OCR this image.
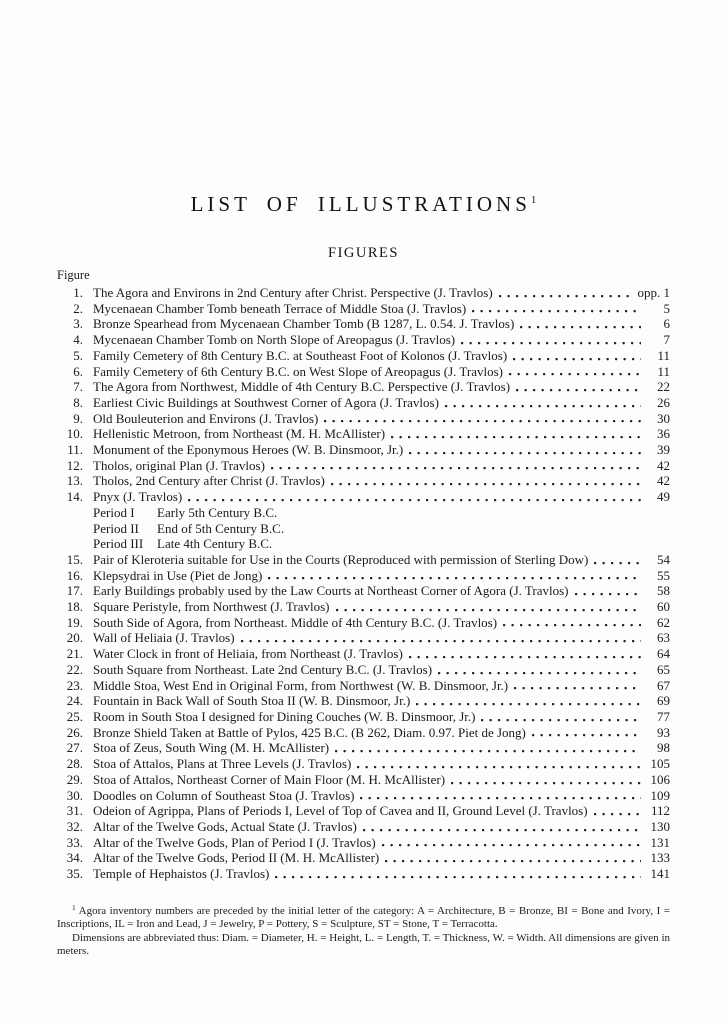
LIST OF ILLUSTRATIONS$^1$
FIGURES
Figure
1. The Agora and Environs in 2nd Century after Christ. Perspective (J. Travlos)	opp. 1
2. Mycenaean Chamber Tomb beneath Terrace of Middle Stoa (J. Travlos)	5
3. Bronze Spearhead from Mycenaean Chamber Tomb (B 1287, L. 0.54. J. Travlos)	6
4. Mycenaean Chamber Tomb on North Slope of Areopagus (J. Travlos)	7
5. Family Cemetery of 8th Century B.C. at Southeast Foot of Kolonos (J. Travlos)	11
6. Family Cemetery of 6th Century B.C. on West Slope of Areopagus (J. Travlos)	11
7. The Agora from Northwest, Middle of 4th Century B.C. Perspective (J. Travlos)	22
8. Earliest Civic Buildings at Southwest Corner of Agora (J. Travlos)	26
9. Old Bouleuterion and Environs (J. Travlos)	30
10. Hellenistic Metroon, from Northeast (M. H. McAllister)	36
11. Monument of the Eponymous Heroes (W. B. Dinsmoor, Jr.)	39
12. Tholos, original Plan (J. Travlos)	42
13. Tholos, 2nd Century after Christ (J. Travlos)	42
14. Pnyx (J. Travlos)	49
Period I Early 5th Century B.C.
Period II End of 5th Century B.C.
Period III Late 4th Century B.C.
15. Pair of Kleroteria suitable for Use in the Courts (Reproduced with permission of Sterling Dow)	54
16. Klepsydrai in Use (Piet de Jong)	55
17. Early Buildings probably used by the Law Courts at Northeast Corner of Agora (J. Travlos)	58
18. Square Peristyle, from Northwest (J. Travlos)	60
19. South Side of Agora, from Northeast. Middle of 4th Century B.C. (J. Travlos)	62
20. Wall of Heliaia (J. Travlos)	63
21. Water Clock in front of Heliaia, from Northeast (J. Travlos)	64
22. South Square from Northeast. Late 2nd Century B.C. (J. Travlos)	65
23. Middle Stoa, West End in Original Form, from Northwest (W. B. Dinsmoor, Jr.)	67
24. Fountain in Back Wall of South Stoa II (W. B. Dinsmoor, Jr.)	69
25. Room in South Stoa I designed for Dining Couches (W. B. Dinsmoor, Jr.)	77
26. Bronze Shield Taken at Battle of Pylos, 425 B.C. (B 262, Diam. 0.97. Piet de Jong)	93
27. Stoa of Zeus, South Wing (M. H. McAllister)	98
28. Stoa of Attalos, Plans at Three Levels (J. Travlos)	105
29. Stoa of Attalos, Northeast Corner of Main Floor (M. H. McAllister)	106
30. Doodles on Column of Southeast Stoa (J. Travlos)	109
31. Odeion of Agrippa, Plans of Periods I, Level of Top of Cavea and II, Ground Level (J. Travlos)	112
32. Altar of the Twelve Gods, Actual State (J. Travlos)	130
33. Altar of the Twelve Gods, Plan of Period I (J. Travlos)	131
34. Altar of the Twelve Gods, Period II (M. H. McAllister)	133
35. Temple of Hephaistos (J. Travlos)	141

$^1$ Agora inventory numbers are preceded by the initial letter of the category: A = Architecture, B = Bronze, BI = Bone and Ivory, I = Inscriptions, IL = Iron and Lead, J = Jewelry, P = Pottery, S = Sculpture, ST = Stone, T = Terracotta.

Dimensions are abbreviated thus: Diam. = Diameter, H. = Height, L. = Length, T. = Thickness, W. = Width. All dimensions are given in meters.
